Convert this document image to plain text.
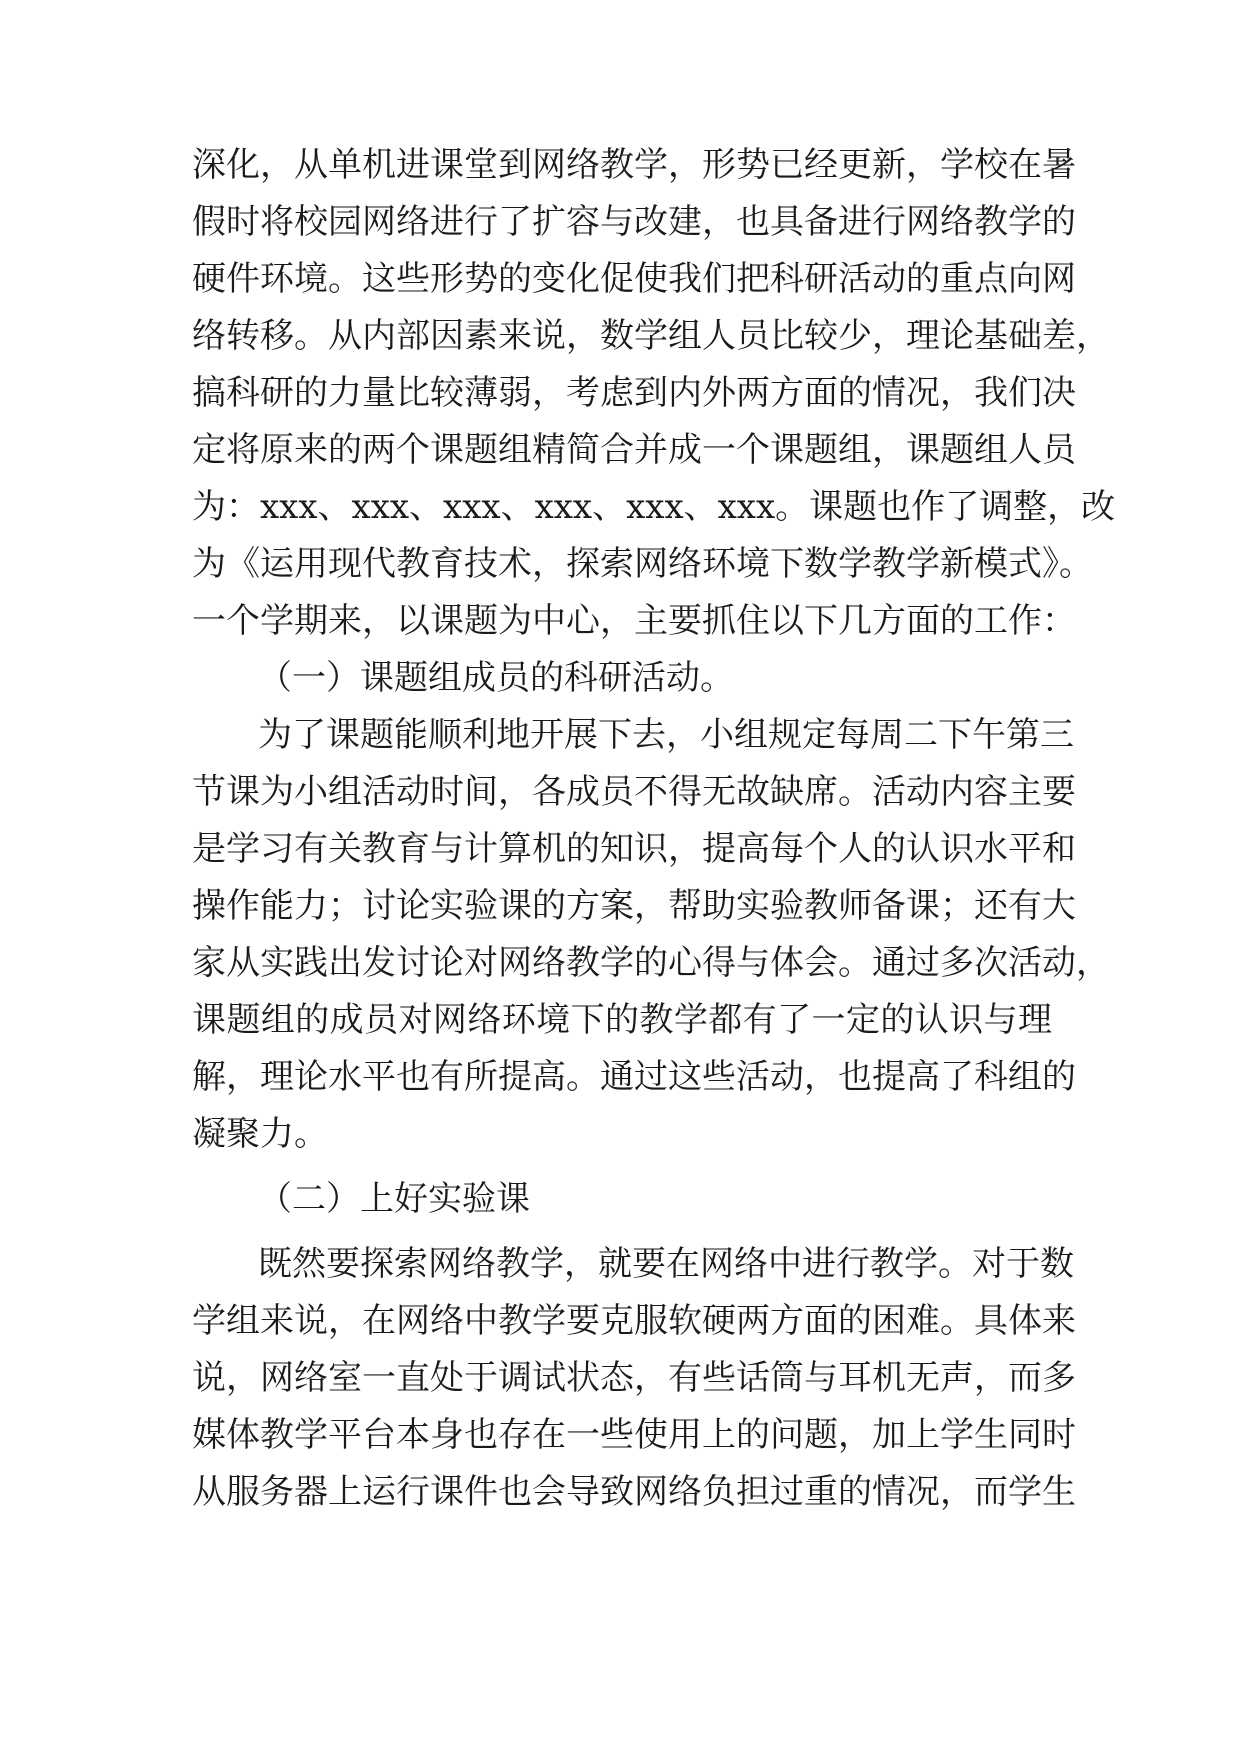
深化，从单机进课堂到网络教学，形势已经更新，学校在暑
假时将校园网络进行了扩容与改建，也具备进行网络教学的
硬件环境。这些形势的变化促使我们把科研活动的重点向网
络转移。从内部因素来说，数学组人员比较少，理论基础差，
搞科研的力量比较薄弱，考虑到内外两方面的情况，我们决
定将原来的两个课题组精简合并成一个课题组，课题组人员
为：xxx、xxx、xxx、xxx、xxx、xxx。课题也作了调整，改
为《运用现代教育技术，探索网络环境下数学教学新模式》。
一个学期来，以课题为中心，主要抓住以下几方面的工作：
（一）课题组成员的科研活动。
为了课题能顺利地开展下去，小组规定每周二下午第三
节课为小组活动时间，各成员不得无故缺席。活动内容主要
是学习有关教育与计算机的知识，提高每个人的认识水平和
操作能力；讨论实验课的方案，帮助实验教师备课；还有大
家从实践出发讨论对网络教学的心得与体会。通过多次活动，
课题组的成员对网络环境下的教学都有了一定的认识与理
解，理论水平也有所提高。通过这些活动，也提高了科组的
凝聚力。
（二）上好实验课
既然要探索网络教学，就要在网络中进行教学。对于数
学组来说，在网络中教学要克服软硬两方面的困难。具体来
说，网络室一直处于调试状态，有些话筒与耳机无声，而多
媒体教学平台本身也存在一些使用上的问题，加上学生同时
从服务器上运行课件也会导致网络负担过重的情况，而学生
